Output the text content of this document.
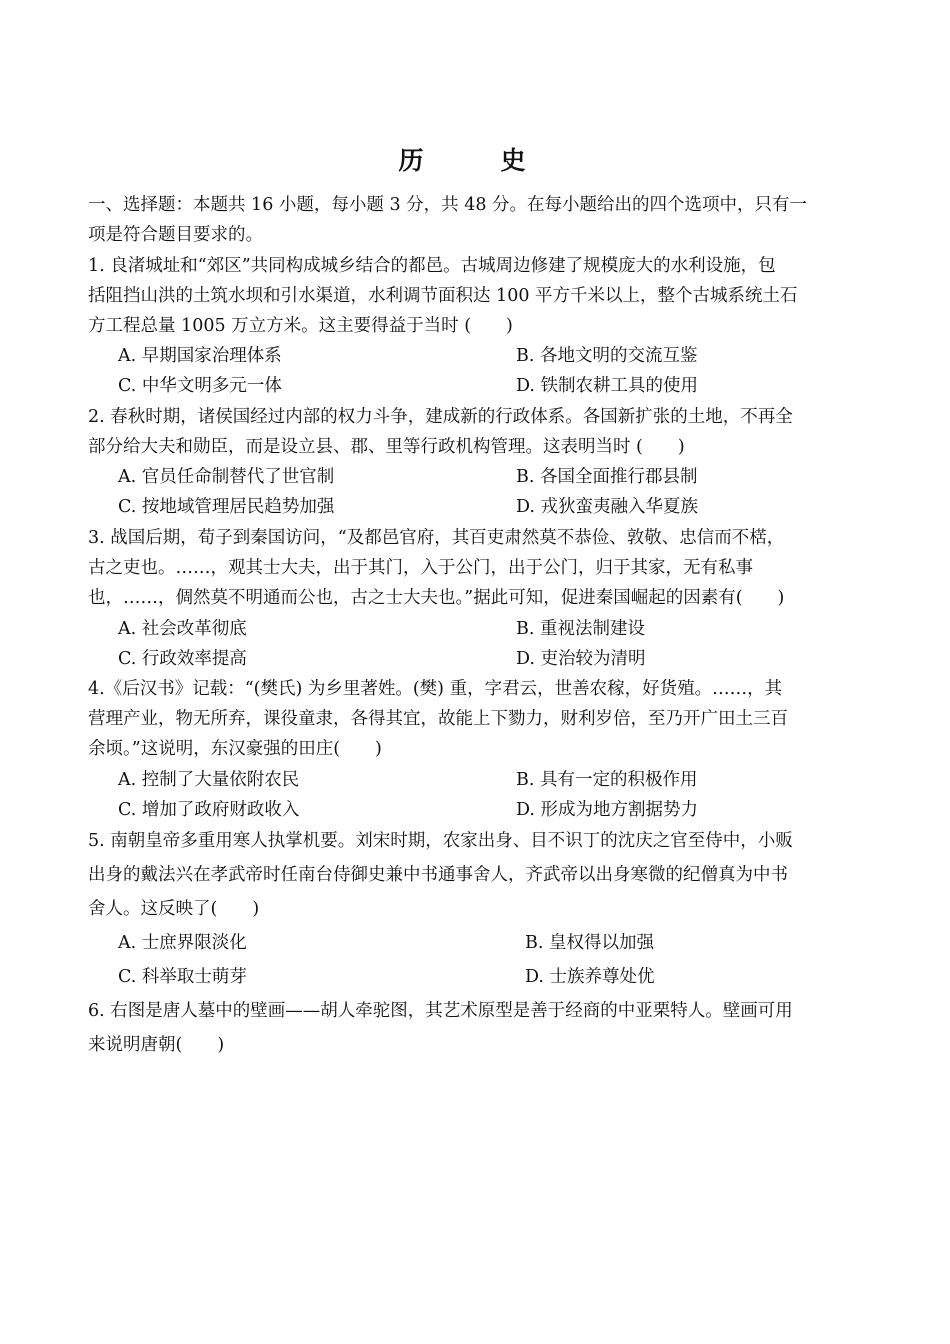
历　史
一、选择题：本题共 16 小题，每小题 3 分，共 48 分。在每小题给出的四个选项中，只有一
项是符合题目要求的。
1. 良渚城址和“郊区”共同构成城乡结合的都邑。古城周边修建了规模庞大的水利设施，包
括阻挡山洪的土筑水坝和引水渠道，水利调节面积达 100 平方千米以上，整个古城系统土石
方工程总量 1005 万立方米。这主要得益于当时 (　　)
A. 早期国家治理体系	B. 各地文明的交流互鉴
C. 中华文明多元一体	D. 铁制农耕工具的使用
2. 春秋时期，诸侯国经过内部的权力斗争，建成新的行政体系。各国新扩张的土地，不再全
部分给大夫和勋臣，而是设立县、郡、里等行政机构管理。这表明当时 (　　)
A. 官员任命制替代了世官制	B. 各国全面推行郡县制
C. 按地域管理居民趋势加强	D. 戎狄蛮夷融入华夏族
3. 战国后期，荀子到秦国访问，“及都邑官府，其百吏肃然莫不恭俭、敦敬、忠信而不楛，
古之吏也。……，观其士大夫，出于其门，入于公门，出于公门，归于其家，无有私事
也，……，倜然莫不明通而公也，古之士大夫也。”据此可知，促进秦国崛起的因素有(　　)
A. 社会改革彻底	B. 重视法制建设
C. 行政效率提高	D. 吏治较为清明
4.《后汉书》记载：“(樊氏) 为乡里著姓。(樊) 重，字君云，世善农稼，好货殖。……，其
营理产业，物无所弃，课役童隶，各得其宜，故能上下勠力，财利岁倍，至乃开广田土三百
余顷。”这说明，东汉豪强的田庄(　　)
A. 控制了大量依附农民	B. 具有一定的积极作用
C. 增加了政府财政收入	D. 形成为地方割据势力
5. 南朝皇帝多重用寒人执掌机要。刘宋时期，农家出身、目不识丁的沈庆之官至侍中，小贩
出身的戴法兴在孝武帝时任南台侍御史兼中书通事舍人，齐武帝以出身寒微的纪僧真为中书
舍人。这反映了(　　)
A. 士庶界限淡化	B. 皇权得以加强
C. 科举取士萌芽	D. 士族养尊处优
6. 右图是唐人墓中的壁画——胡人牵驼图，其艺术原型是善于经商的中亚栗特人。壁画可用
来说明唐朝(　　)
